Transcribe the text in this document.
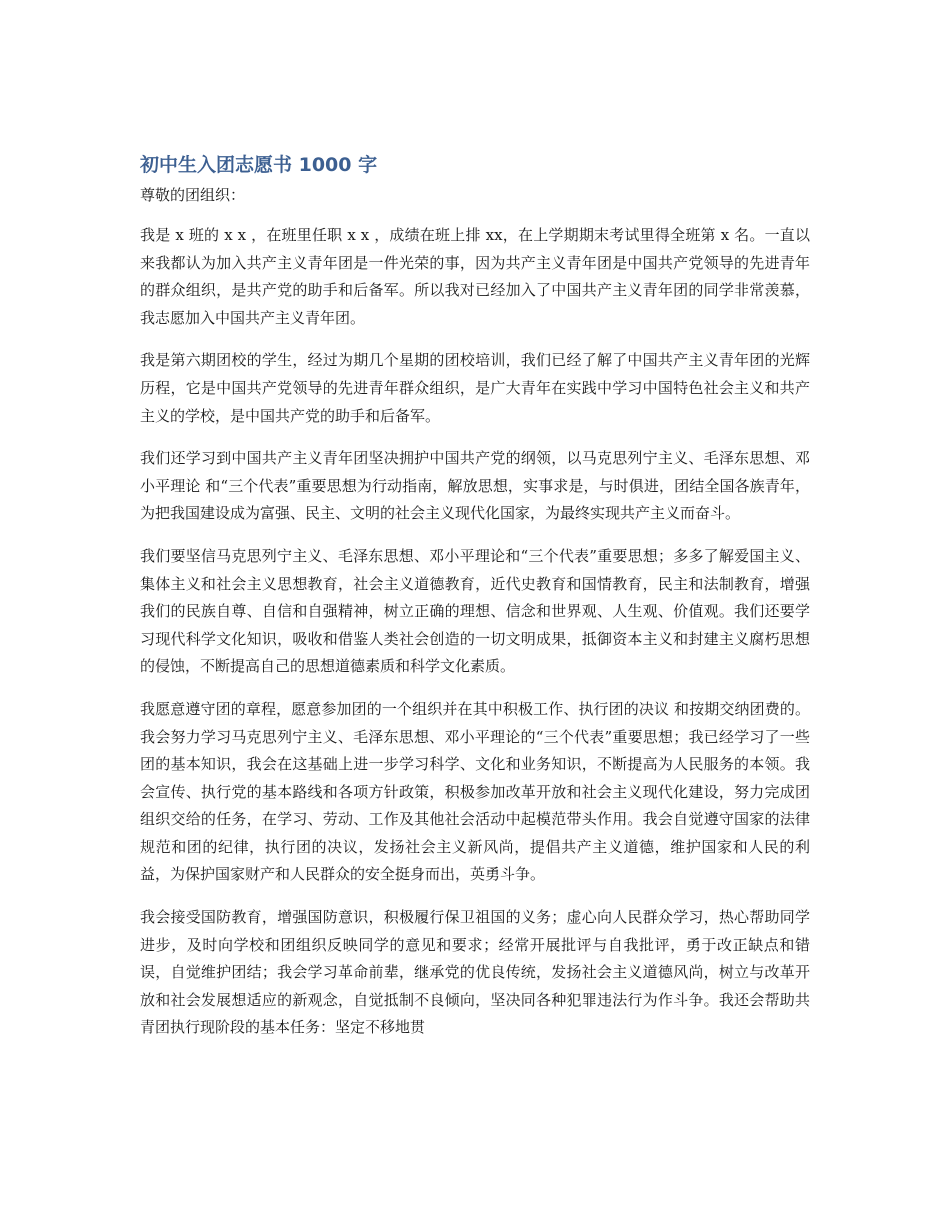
初中生入团志愿书 1000 字

尊敬的团组织：

我是 x 班的 x x ，在班里任职 x x ，成绩在班上排 xx，在上学期期末考试里得全班第 x 名。一直以来我都认为加入共产主义青年团是一件光荣的事，因为共产主义青年团是中国共产党领导的先进青年的群众组织，是共产党的助手和后备军。所以我对已经加入了中国共产主义青年团的同学非常羡慕，我志愿加入中国共产主义青年团。

我是第六期团校的学生，经过为期几个星期的团校培训，我们已经了解了中国共产主义青年团的光辉历程，它是中国共产党领导的先进青年群众组织，是广大青年在实践中学习中国特色社会主义和共产主义的学校，是中国共产党的助手和后备军。

我们还学习到中国共产主义青年团坚决拥护中国共产党的纲领，以马克思列宁主义、毛泽东思想、邓小平理论 和“三个代表”重要思想为行动指南，解放思想，实事求是，与时俱进，团结全国各族青年，为把我国建设成为富强、民主、文明的社会主义现代化国家，为最终实现共产主义而奋斗。

我们要坚信马克思列宁主义、毛泽东思想、邓小平理论和“三个代表”重要思想；多多了解爱国主义、集体主义和社会主义思想教育，社会主义道德教育，近代史教育和国情教育，民主和法制教育，增强我们的民族自尊、自信和自强精神，树立正确的理想、信念和世界观、人生观、价值观。我们还要学习现代科学文化知识，吸收和借鉴人类社会创造的一切文明成果，抵御资本主义和封建主义腐朽思想的侵蚀，不断提高自己的思想道德素质和科学文化素质。

我愿意遵守团的章程，愿意参加团的一个组织并在其中积极工作、执行团的决议 和按期交纳团费的。我会努力学习马克思列宁主义、毛泽东思想、邓小平理论的“三个代表”重要思想；我已经学习了一些团的基本知识，我会在这基础上进一步学习科学、文化和业务知识，不断提高为人民服务的本领。我会宣传、执行党的基本路线和各项方针政策，积极参加改革开放和社会主义现代化建设，努力完成团组织交给的任务，在学习、劳动、工作及其他社会活动中起模范带头作用。我会自觉遵守国家的法律规范和团的纪律，执行团的决议，发扬社会主义新风尚，提倡共产主义道德，维护国家和人民的利益，为保护国家财产和人民群众的安全挺身而出，英勇斗争。

我会接受国防教育，增强国防意识，积极履行保卫祖国的义务；虚心向人民群众学习，热心帮助同学进步，及时向学校和团组织反映同学的意见和要求；经常开展批评与自我批评，勇于改正缺点和错误，自觉维护团结；我会学习革命前辈，继承党的优良传统，发扬社会主义道德风尚，树立与改革开放和社会发展想适应的新观念，自觉抵制不良倾向，坚决同各种犯罪违法行为作斗争。我还会帮助共青团执行现阶段的基本任务：坚定不移地贯
